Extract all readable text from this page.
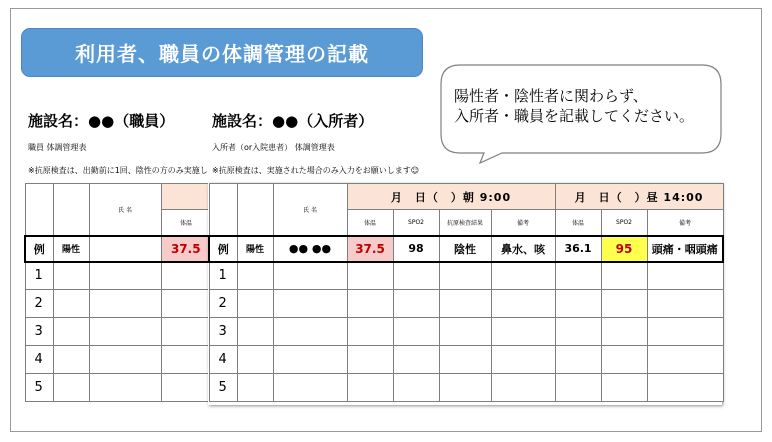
利用者、職員の体調管理の記載
陽性者・陰性者に関わらず、
入所者・職員を記載してください。
施設名：●●（職員）
職員 体調管理表
※抗原検査は、出勤前に1回、陰性の方のみ実施し
		氏 名	
			体温
例	陽性		37.5
1			
2			
3			
4			
5			
施設名：●●（入所者）
入所者（or入院患者） 体調管理表
※抗原検査は、実施された場合のみ入力をお願いします☺
		氏 名	月　日（　）朝 9:00				月　日（　）昼 14:00		
			体温	SPO2	抗原検査結果	備考	体温	SPO2	備考
例	陽性	●● ●●	37.5	98	陰性	鼻水、咳	36.1	95	頭痛・咽頭痛
1									
2									
3									
4									
5									
